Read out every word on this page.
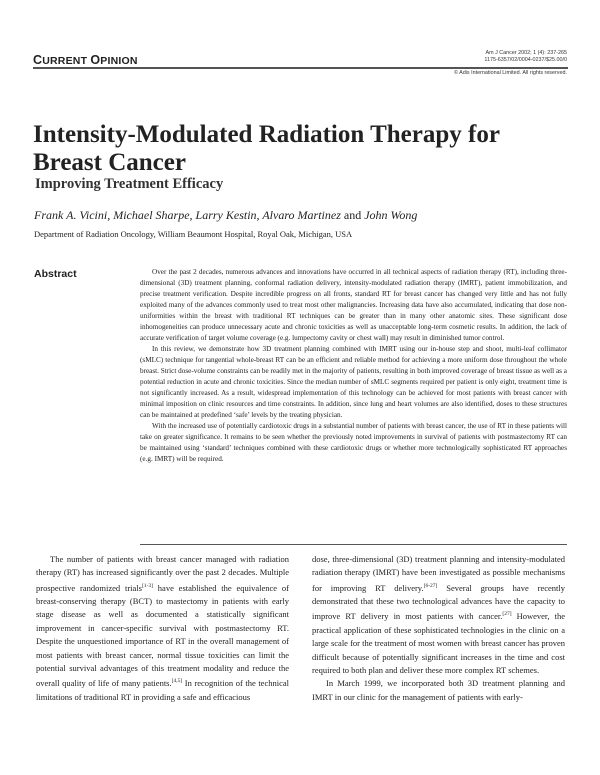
CURRENT OPINION
Am J Cancer 2002; 1 (4): 237-265
1175-6357/02/0004-0237/$25.00/0
© Adis International Limited. All rights reserved.
Intensity-Modulated Radiation Therapy for Breast Cancer
Improving Treatment Efficacy
Frank A. Vicini, Michael Sharpe, Larry Kestin, Alvaro Martinez and John Wong
Department of Radiation Oncology, William Beaumont Hospital, Royal Oak, Michigan, USA
Abstract	Over the past 2 decades, numerous advances and innovations have occurred in all technical aspects of radiation therapy (RT), including three-dimensional (3D) treatment planning, conformal radiation delivery, intensity-modulated radiation therapy (IMRT), patient immobilization, and precise treatment verification. Despite incredible progress on all fronts, standard RT for breast cancer has changed very little and has not fully exploited many of the advances commonly used to treat most other malignancies. Increasing data have also accumulated, indicating that dose non-uniformities within the breast with traditional RT techniques can be greater than in many other anatomic sites. These significant dose inhomogeneities can produce unnecessary acute and chronic toxicities as well as unacceptable long-term cosmetic results. In addition, the lack of accurate verification of target volume coverage (e.g. lumpectomy cavity or chest wall) may result in diminished tumor control.

In this review, we demonstrate how 3D treatment planning combined with IMRT using our in-house step and shoot, multi-leaf collimator (sMLC) technique for tangential whole-breast RT can be an efficient and reliable method for achieving a more uniform dose throughout the whole breast. Strict dose-volume constraints can be readily met in the majority of patients, resulting in both improved coverage of breast tissue as well as a potential reduction in acute and chronic toxicities. Since the median number of sMLC segments required per patient is only eight, treatment time is not significantly increased. As a result, widespread implementation of this technology can be achieved for most patients with breast cancer with minimal imposition on clinic resources and time constraints. In addition, since lung and heart volumes are also identified, doses to these structures can be maintained at predefined ‘safe’ levels by the treating physician.

With the increased use of potentially cardiotoxic drugs in a substantial number of patients with breast cancer, the use of RT in these patients will take on greater significance. It remains to be seen whether the previously noted improvements in survival of patients with postmastectomy RT can be maintained using ‘standard’ techniques combined with these cardiotoxic drugs or whether more technologically sophisticated RT approaches (e.g. IMRT) will be required.

The number of patients with breast cancer managed with radiation therapy (RT) has increased significantly over the past 2 decades. Multiple prospective randomized trials[1-3] have established the equivalence of breast-conserving therapy (BCT) to mastectomy in patients with early stage disease as well as documented a statistically significant improvement in cancer-specific survival with postmastectomy RT. Despite the unquestioned importance of RT in the overall management of most patients with breast cancer, normal tissue toxicities can limit the potential survival advantages of this treatment modality and reduce the overall quality of life of many patients.[4,5] In recognition of the technical limitations of traditional RT in providing a safe and efficacious

dose, three-dimensional (3D) treatment planning and intensity-modulated radiation therapy (IMRT) have been investigated as possible mechanisms for improving RT delivery.[6-27] Several groups have recently demonstrated that these two technological advances have the capacity to improve RT delivery in most patients with cancer.[27] However, the practical application of these sophisticated technologies in the clinic on a large scale for the treatment of most women with breast cancer has proven difficult because of potentially significant increases in the time and cost required to both plan and deliver these more complex RT schemes.

In March 1999, we incorporated both 3D treatment planning and IMRT in our clinic for the management of patients with early-
